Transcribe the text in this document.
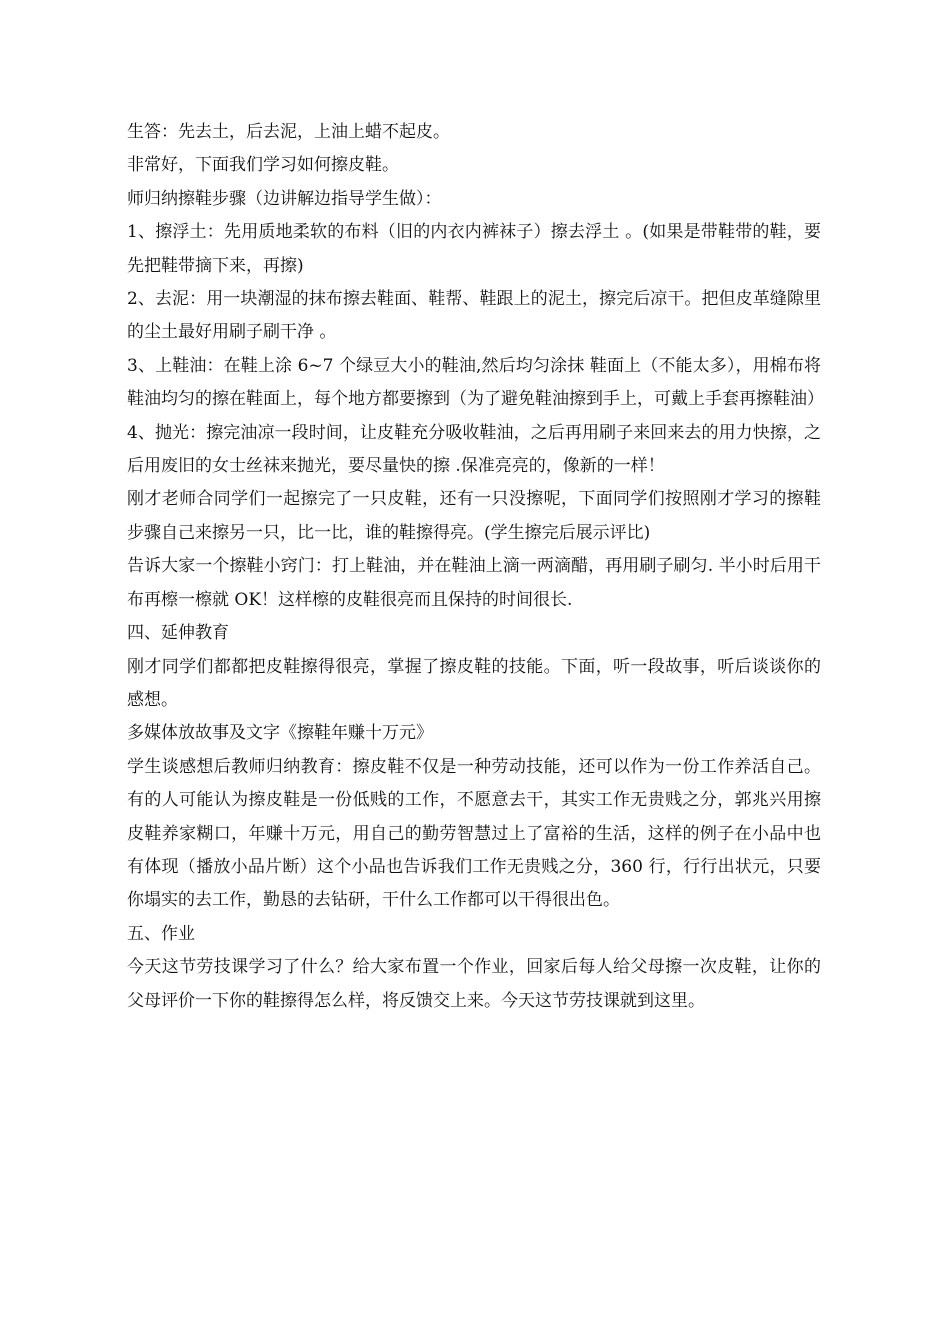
生答：先去土，后去泥，上油上蜡不起皮。

非常好，下面我们学习如何擦皮鞋。

师归纳擦鞋步骤（边讲解边指导学生做）：

1、擦浮土：先用质地柔软的布料（旧的内衣内裤袜子）擦去浮土 。(如果是带鞋带的鞋，要先把鞋带摘下来，再擦)

2、去泥：用一块潮湿的抹布擦去鞋面、鞋帮、鞋跟上的泥土，擦完后凉干。把但皮革缝隙里的尘土最好用刷子刷干净 。

3、上鞋油：在鞋上涂 6~7 个绿豆大小的鞋油,然后均匀涂抹 鞋面上（不能太多），用棉布将鞋油均匀的擦在鞋面上，每个地方都要擦到（为了避免鞋油擦到手上，可戴上手套再擦鞋油）

4、抛光：擦完油凉一段时间，让皮鞋充分吸收鞋油，之后再用刷子来回来去的用力快擦，之后用废旧的女士丝袜来抛光，要尽量快的擦 .保准亮亮的，像新的一样！

刚才老师合同学们一起擦完了一只皮鞋，还有一只没擦呢，下面同学们按照刚才学习的擦鞋步骤自己来擦另一只，比一比，谁的鞋擦得亮。(学生擦完后展示评比)

告诉大家一个擦鞋小窍门：打上鞋油，并在鞋油上滴一两滴醋，再用刷子刷匀. 半小时后用干布再檫一檫就 OK！这样檫的皮鞋很亮而且保持的时间很长.

四、延伸教育

刚才同学们都都把皮鞋擦得很亮，掌握了擦皮鞋的技能。下面，听一段故事，听后谈谈你的感想。

多媒体放故事及文字《擦鞋年赚十万元》

学生谈感想后教师归纳教育：擦皮鞋不仅是一种劳动技能，还可以作为一份工作养活自己。有的人可能认为擦皮鞋是一份低贱的工作，不愿意去干，其实工作无贵贱之分，郭兆兴用擦皮鞋养家糊口，年赚十万元，用自己的勤劳智慧过上了富裕的生活，这样的例子在小品中也有体现（播放小品片断）这个小品也告诉我们工作无贵贱之分，360 行，行行出状元，只要你塌实的去工作，勤恳的去钻研，干什么工作都可以干得很出色。

五、作业

今天这节劳技课学习了什么？给大家布置一个作业，回家后每人给父母擦一次皮鞋，让你的父母评价一下你的鞋擦得怎么样，将反馈交上来。今天这节劳技课就到这里。
